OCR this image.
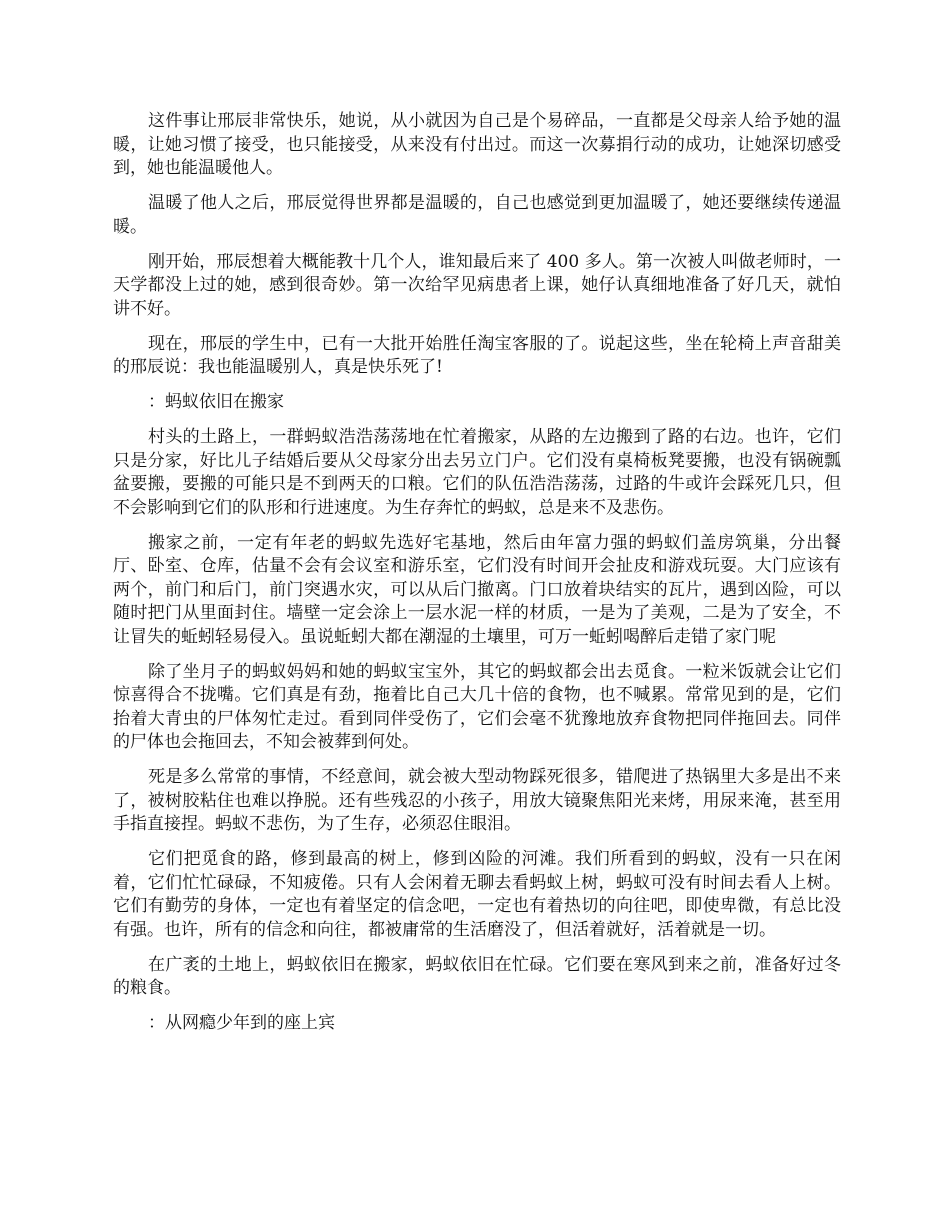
这件事让邢辰非常快乐，她说，从小就因为自己是个易碎品，一直都是父母亲人给予她的温暖，让她习惯了接受，也只能接受，从来没有付出过。而这一次募捐行动的成功，让她深切感受到，她也能温暖他人。

温暖了他人之后，邢辰觉得世界都是温暖的，自己也感觉到更加温暖了，她还要继续传递温暖。

刚开始，邢辰想着大概能教十几个人，谁知最后来了 400 多人。第一次被人叫做老师时，一天学都没上过的她，感到很奇妙。第一次给罕见病患者上课，她仔认真细地准备了好几天，就怕讲不好。

现在，邢辰的学生中，已有一大批开始胜任淘宝客服的了。说起这些，坐在轮椅上声音甜美的邢辰说：我也能温暖别人，真是快乐死了!

：蚂蚁依旧在搬家

村头的土路上，一群蚂蚁浩浩荡荡地在忙着搬家，从路的左边搬到了路的右边。也许，它们只是分家，好比儿子结婚后要从父母家分出去另立门户。它们没有桌椅板凳要搬，也没有锅碗瓢盆要搬，要搬的可能只是不到两天的口粮。它们的队伍浩浩荡荡，过路的牛或许会踩死几只，但不会影响到它们的队形和行进速度。为生存奔忙的蚂蚁，总是来不及悲伤。

搬家之前，一定有年老的蚂蚁先选好宅基地，然后由年富力强的蚂蚁们盖房筑巢，分出餐厅、卧室、仓库，估量不会有会议室和游乐室，它们没有时间开会扯皮和游戏玩耍。大门应该有两个，前门和后门，前门突遇水灾，可以从后门撤离。门口放着块结实的瓦片，遇到凶险，可以随时把门从里面封住。墙壁一定会涂上一层水泥一样的材质，一是为了美观，二是为了安全，不让冒失的蚯蚓轻易侵入。虽说蚯蚓大都在潮湿的土壤里，可万一蚯蚓喝醉后走错了家门呢

除了坐月子的蚂蚁妈妈和她的蚂蚁宝宝外，其它的蚂蚁都会出去觅食。一粒米饭就会让它们惊喜得合不拢嘴。它们真是有劲，拖着比自己大几十倍的食物，也不喊累。常常见到的是，它们抬着大青虫的尸体匆忙走过。看到同伴受伤了，它们会毫不犹豫地放弃食物把同伴拖回去。同伴的尸体也会拖回去，不知会被葬到何处。

死是多么常常的事情，不经意间，就会被大型动物踩死很多，错爬进了热锅里大多是出不来了，被树胶粘住也难以挣脱。还有些残忍的小孩子，用放大镜聚焦阳光来烤，用尿来淹，甚至用手指直接捏。蚂蚁不悲伤，为了生存，必须忍住眼泪。

它们把觅食的路，修到最高的树上，修到凶险的河滩。我们所看到的蚂蚁，没有一只在闲着，它们忙忙碌碌，不知疲倦。只有人会闲着无聊去看蚂蚁上树，蚂蚁可没有时间去看人上树。它们有勤劳的身体，一定也有着坚定的信念吧，一定也有着热切的向往吧，即使卑微，有总比没有强。也许，所有的信念和向往，都被庸常的生活磨没了，但活着就好，活着就是一切。

在广袤的土地上，蚂蚁依旧在搬家，蚂蚁依旧在忙碌。它们要在寒风到来之前，准备好过冬的粮食。

：从网瘾少年到的座上宾
